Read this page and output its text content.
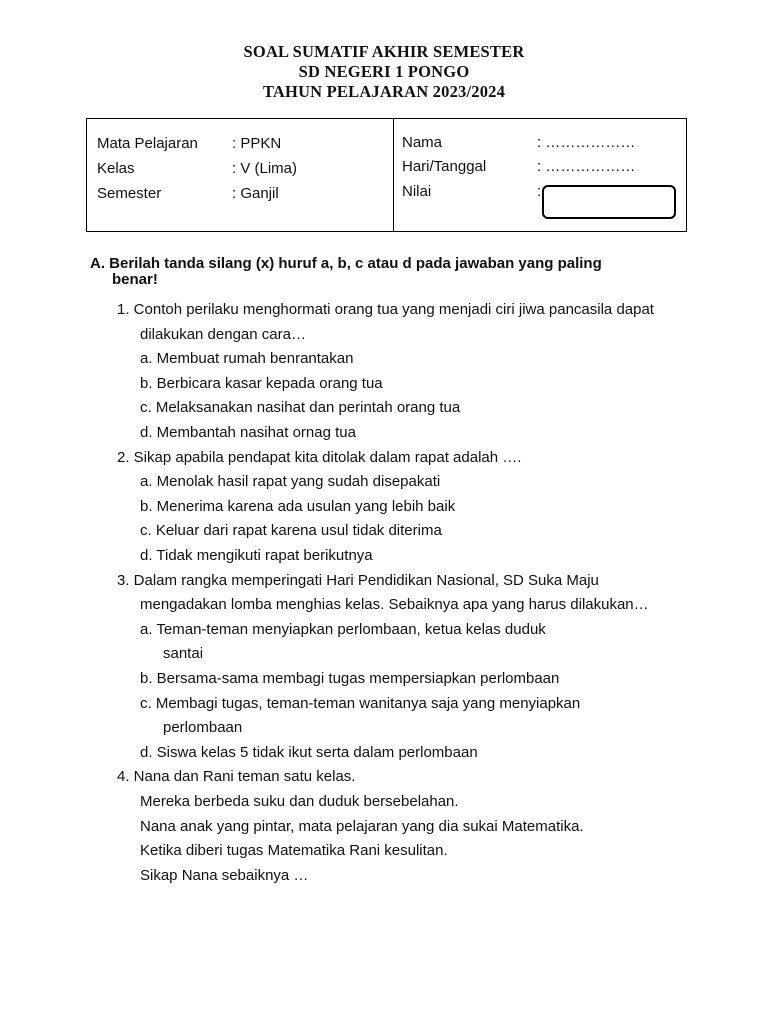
SOAL SUMATIF AKHIR SEMESTER
SD NEGERI 1 PONGO
TAHUN PELAJARAN 2023/2024
Mata Pelajaran : PPKN
Kelas	: V (Lima)
Semester	: Ganjil
Nama	: ………………
Hari/Tanggal	: ………………
Nilai	:
A. Berilah tanda silang (x) huruf a, b, c atau d pada jawaban yang paling
benar!
1. Contoh perilaku menghormati orang tua yang menjadi ciri jiwa pancasila dapat
dilakukan dengan cara…
a. Membuat rumah benrantakan
b. Berbicara kasar kepada orang tua
c. Melaksanakan nasihat dan perintah orang tua
d. Membantah nasihat ornag tua
2. Sikap apabila pendapat kita ditolak dalam rapat adalah ….
a. Menolak hasil rapat yang sudah disepakati
b. Menerima karena ada usulan yang lebih baik
c. Keluar dari rapat karena usul tidak diterima
d. Tidak mengikuti rapat berikutnya
3. Dalam rangka memperingati Hari Pendidikan Nasional, SD Suka Maju
mengadakan lomba menghias kelas. Sebaiknya apa yang harus dilakukan…
a. Teman-teman menyiapkan perlombaan, ketua kelas duduk
santai
b. Bersama-sama membagi tugas mempersiapkan perlombaan
c. Membagi tugas, teman-teman wanitanya saja yang menyiapkan
perlombaan
d. Siswa kelas 5 tidak ikut serta dalam perlombaan
4. Nana dan Rani teman satu kelas.
Mereka berbeda suku dan duduk bersebelahan.
Nana anak yang pintar, mata pelajaran yang dia sukai Matematika.
Ketika diberi tugas Matematika Rani kesulitan.
Sikap Nana sebaiknya …
